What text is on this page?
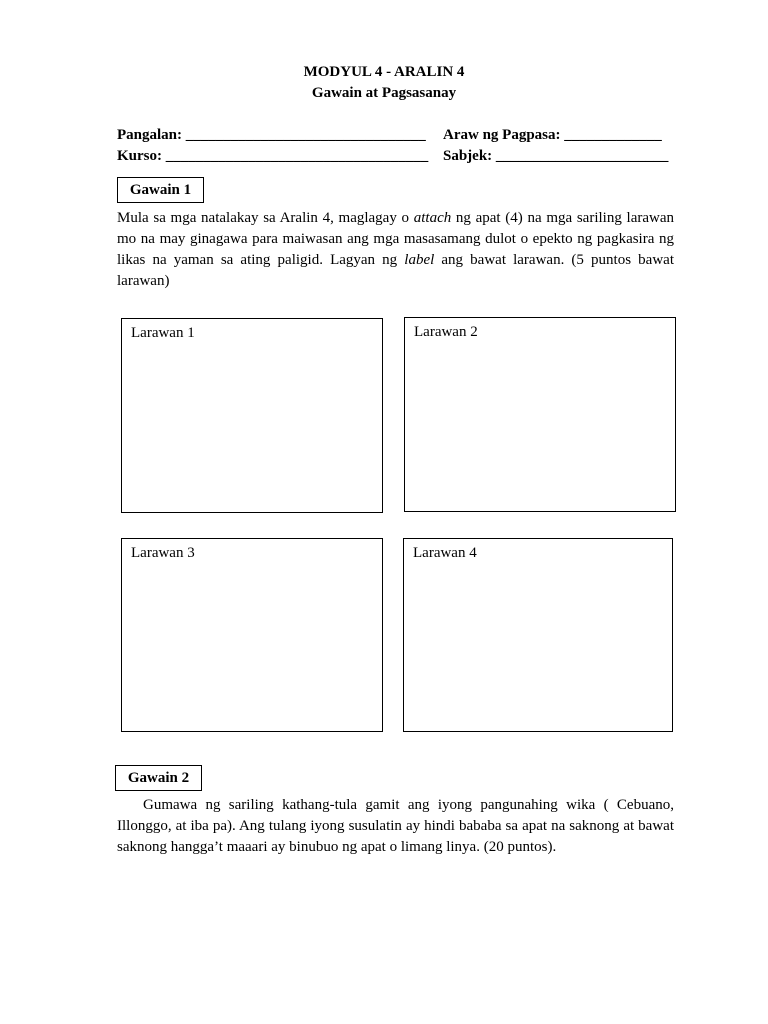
MODYUL 4 - ARALIN 4
Gawain at Pagsasanay
Pangalan: ________________________________ Araw ng Pagpasa: _____________
Kurso: ___________________________________ Sabjek: _______________________
Gawain 1

Mula sa mga natalakay sa Aralin 4, maglagay o attach ng apat (4) na mga sariling larawan mo na may ginagawa para maiwasan ang mga masasamang dulot o epekto ng pagkasira ng likas na yaman sa ating paligid. Lagyan ng label ang bawat larawan. (5 puntos bawat larawan)

Larawan 1	Larawan 2
Larawan 3	Larawan 4
Gawain 2
Gumawa ng sariling kathang-tula gamit ang iyong pangunahing wika ( Cebuano, Illonggo, at iba pa). Ang tulang iyong susulatin ay hindi bababa sa apat na saknong at bawat saknong hangga’t maaari ay binubuo ng apat o limang linya. (20 puntos).
